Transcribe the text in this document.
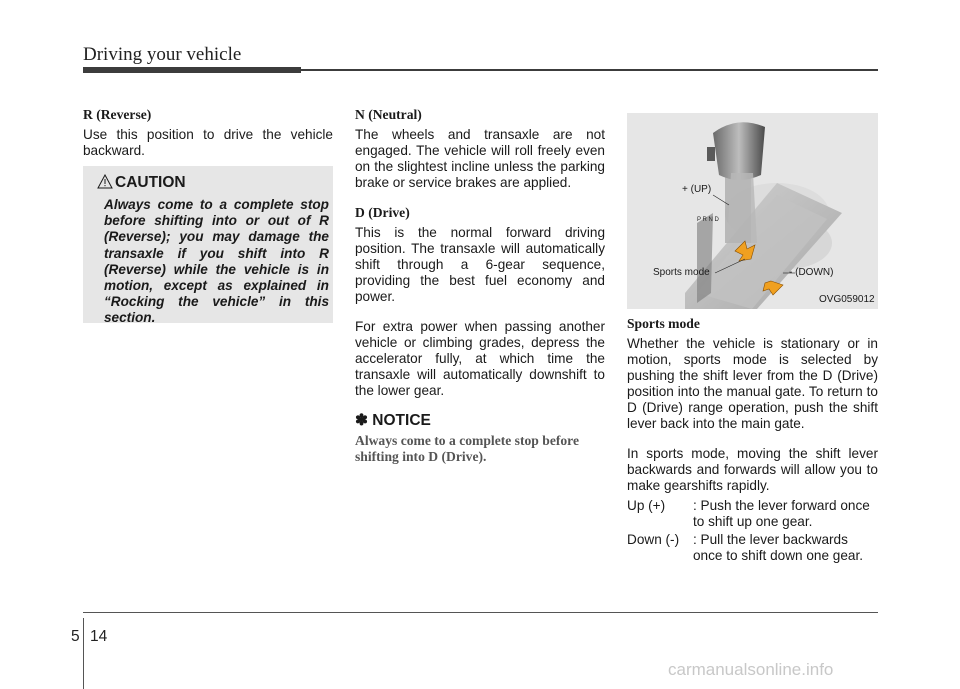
Driving your vehicle
R (Reverse)
Use this position to drive the vehicle backward.
CAUTION
Always come to a complete stop before shifting into or out of R (Reverse); you may damage the transaxle if you shift into R (Reverse) while the vehicle is in motion, except as explained in “Rocking the vehicle” in this section.
N (Neutral)
The wheels and transaxle are not engaged. The vehicle will roll freely even on the slightest incline unless the parking brake or service brakes are applied.
D (Drive)
This is the normal forward driving position. The transaxle will automatically shift through a 6-gear sequence, providing the best fuel economy and power.
For extra power when passing another vehicle or climbing grades, depress the accelerator fully, at which time the transaxle will automatically downshift to the lower gear.
✽ NOTICE
Always come to a complete stop before shifting into D (Drive).
P R N D
+ (UP)
Sports mode	- (DOWN)
OVG059012
Sports mode
Whether the vehicle is stationary or in motion, sports mode is selected by pushing the shift lever from the D (Drive) position into the manual gate. To return to D (Drive) range operation, push the shift lever back into the main gate.
In sports mode, moving the shift lever backwards and forwards will allow you to make gearshifts rapidly.
Up (+)	: Push the lever forward once to shift up one gear.
Down (-)	: Pull the lever backwards once to shift down one gear.
5 14
carmanualsonline.info
